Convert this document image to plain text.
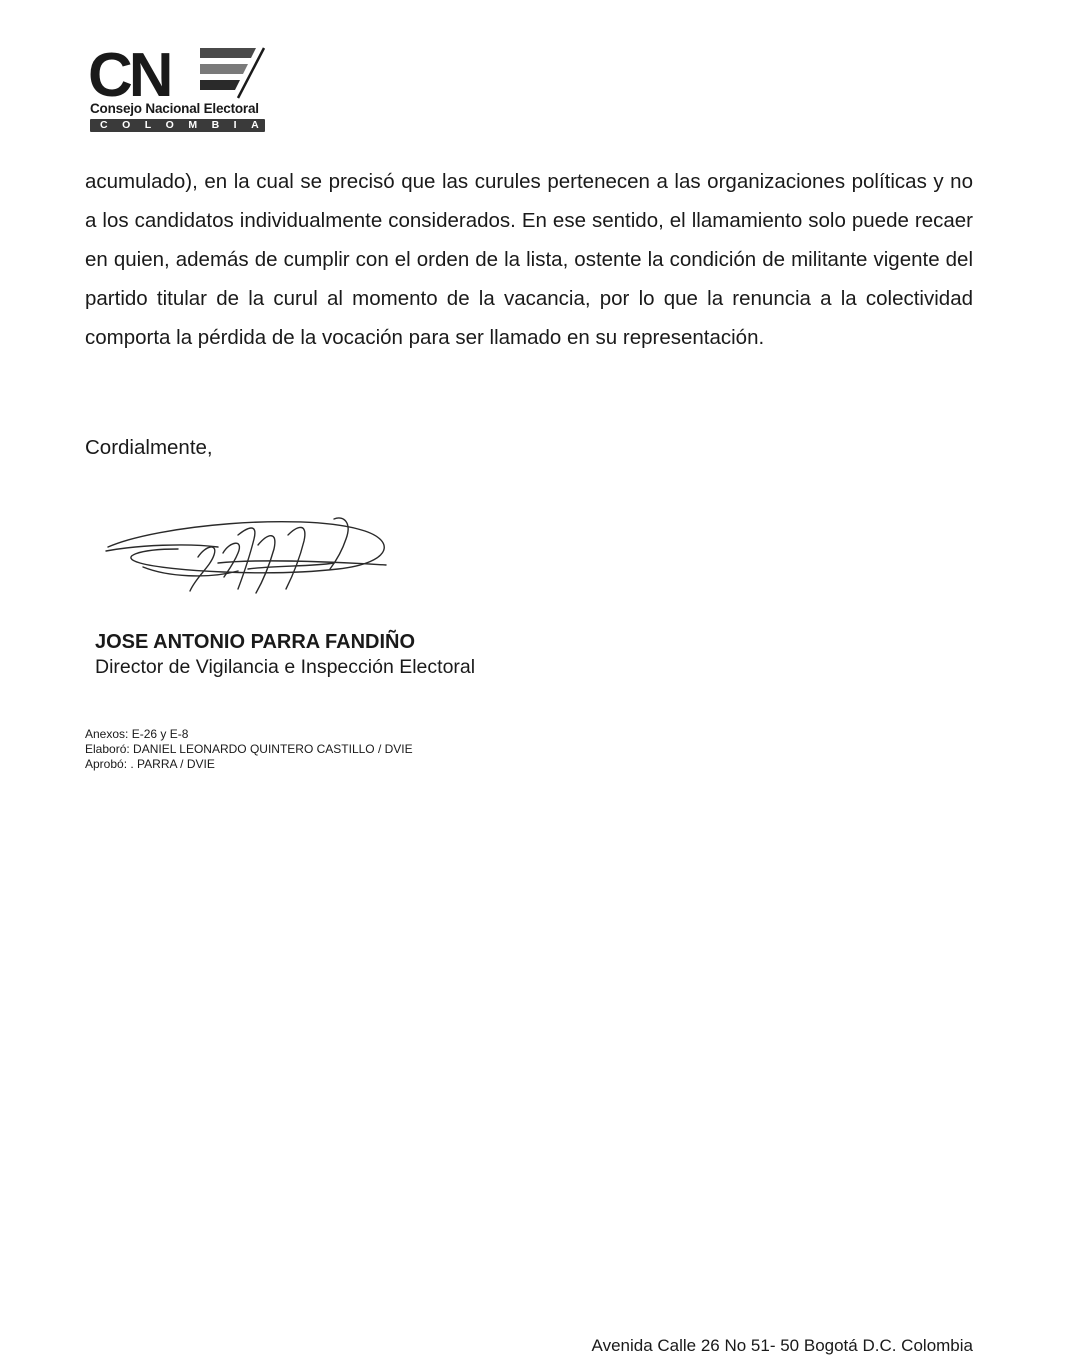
CN
Consejo Nacional Electoral
COLOMBIA
acumulado), en la cual se precisó que las curules pertenecen a las organizaciones políticas y no a los candidatos individualmente considerados. En ese sentido, el llamamiento solo puede recaer en quien, además de cumplir con el orden de la lista, ostente la condición de militante vigente del partido titular de la curul al momento de la vacancia, por lo que la renuncia a la colectividad comporta la pérdida de la vocación para ser llamado en su representación.
Cordialmente,
JOSE ANTONIO PARRA FANDIÑO
Director de Vigilancia e Inspección Electoral
Anexos: E-26 y E-8
Elaboró: DANIEL LEONARDO QUINTERO CASTILLO / DVIE
Aprobó: . PARRA / DVIE
Avenida Calle 26 No 51- 50 Bogotá D.C. Colombia
